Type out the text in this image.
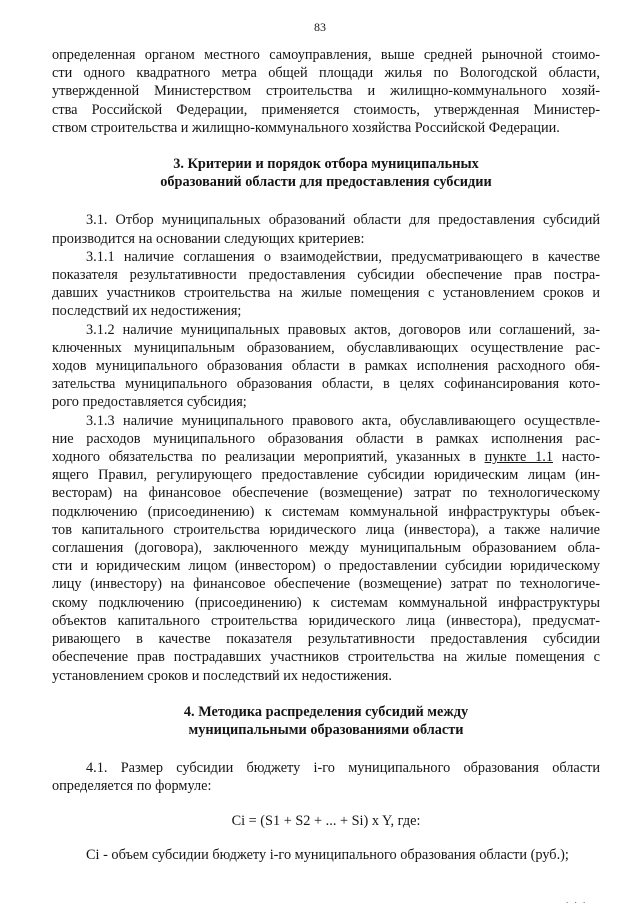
83
определенная органом местного самоуправления, выше средней рыночной стоимо-
сти одного квадратного метра общей площади жилья по Вологодской области,
утвержденной Министерством строительства и жилищно-коммунального хозяй-
ства Российской Федерации, применяется стоимость, утвержденная Министер-
ством строительства и жилищно-коммунального хозяйства Российской Федерации.
3. Критерии и порядок отбора муниципальных
образований области для предоставления субсидии
3.1. Отбор муниципальных образований области для предоставления субсидий
производится на основании следующих критериев:
3.1.1 наличие соглашения о взаимодействии, предусматривающего в качестве
показателя результативности предоставления субсидии обеспечение прав постра-
давших участников строительства на жилые помещения с установлением сроков и
последствий их недостижения;
3.1.2 наличие муниципальных правовых актов, договоров или соглашений, за-
ключенных муниципальным образованием, обуславливающих осуществление рас-
ходов муниципального образования области в рамках исполнения расходного обя-
зательства муниципального образования области, в целях софинансирования кото-
рого предоставляется субсидия;
3.1.3 наличие муниципального правового акта, обуславливающего осуществле-
ние расходов муниципального образования области в рамках исполнения рас-
ходного обязательства по реализации мероприятий, указанных в пункте 1.1 насто-
ящего Правил, регулирующего предоставление субсидии юридическим лицам (ин-
весторам) на финансовое обеспечение (возмещение) затрат по технологическому
подключению (присоединению) к системам коммунальной инфраструктуры объек-
тов капитального строительства юридического лица (инвестора), а также наличие
соглашения (договора), заключенного между муниципальным образованием обла-
сти и юридическим лицом (инвестором) о предоставлении субсидии юридическому
лицу (инвестору) на финансовое обеспечение (возмещение) затрат по технологиче-
скому подключению (присоединению) к системам коммунальной инфраструктуры
объектов капитального строительства юридического лица (инвестора), предусмат-
ривающего в качестве показателя результативности предоставления субсидии
обеспечение прав пострадавших участников строительства на жилые помещения с
установлением сроков и последствий их недостижения.
4. Методика распределения субсидий между
муниципальными образованиями области
4.1. Размер субсидии бюджету i-го муниципального образования области
определяется по формуле:
Ci = (S1 + S2 + ... + Si) x Y, где:
Ci - объем субсидии бюджету i-го муниципального образования области (руб.);
. . .
